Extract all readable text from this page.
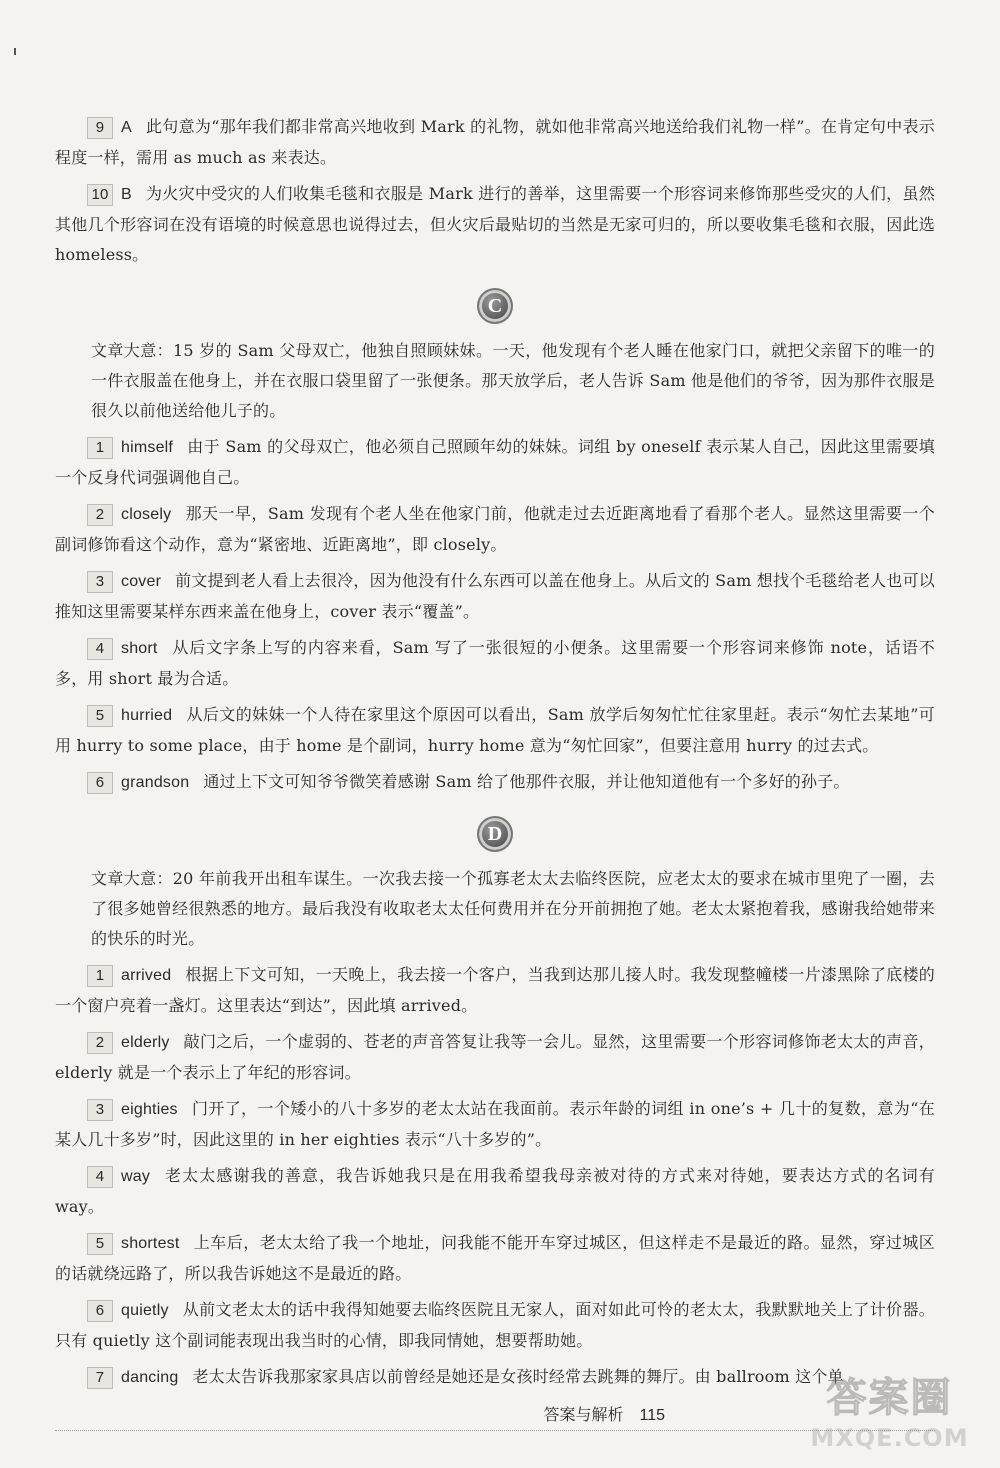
9 A 此句意为“那年我们都非常高兴地收到 Mark 的礼物，就如他非常高兴地送给我们礼物一样”。在肯定句中表示程度一样，需用 as much as 来表达。

10 B 为火灾中受灾的人们收集毛毯和衣服是 Mark 进行的善举，这里需要一个形容词来修饰那些受灾的人们，虽然其他几个形容词在没有语境的时候意思也说得过去，但火灾后最贴切的当然是无家可归的，所以要收集毛毯和衣服，因此选 homeless。

C

文章大意：15 岁的 Sam 父母双亡，他独自照顾妹妹。一天，他发现有个老人睡在他家门口，就把父亲留下的唯一的一件衣服盖在他身上，并在衣服口袋里留了一张便条。那天放学后，老人告诉 Sam 他是他们的爷爷，因为那件衣服是很久以前他送给他儿子的。

1 himself 由于 Sam 的父母双亡，他必须自己照顾年幼的妹妹。词组 by oneself 表示某人自己，因此这里需要填一个反身代词强调他自己。

2 closely 那天一早，Sam 发现有个老人坐在他家门前，他就走过去近距离地看了看那个老人。显然这里需要一个副词修饰看这个动作，意为“紧密地、近距离地”，即 closely。

3 cover 前文提到老人看上去很冷，因为他没有什么东西可以盖在他身上。从后文的 Sam 想找个毛毯给老人也可以推知这里需要某样东西来盖在他身上，cover 表示“覆盖”。

4 short 从后文字条上写的内容来看，Sam 写了一张很短的小便条。这里需要一个形容词来修饰 note，话语不多，用 short 最为合适。

5 hurried 从后文的妹妹一个人待在家里这个原因可以看出，Sam 放学后匆匆忙忙往家里赶。表示“匆忙去某地”可用 hurry to some place，由于 home 是个副词，hurry home 意为“匆忙回家”，但要注意用 hurry 的过去式。

6 grandson 通过上下文可知爷爷微笑着感谢 Sam 给了他那件衣服，并让他知道他有一个多好的孙子。

D

文章大意：20 年前我开出租车谋生。一次我去接一个孤寡老太太去临终医院，应老太太的要求在城市里兜了一圈，去了很多她曾经很熟悉的地方。最后我没有收取老太太任何费用并在分开前拥抱了她。老太太紧抱着我，感谢我给她带来的快乐的时光。

1 arrived 根据上下文可知，一天晚上，我去接一个客户，当我到达那儿接人时。我发现整幢楼一片漆黑除了底楼的一个窗户亮着一盏灯。这里表达“到达”，因此填 arrived。

2 elderly 敲门之后，一个虚弱的、苍老的声音答复让我等一会儿。显然，这里需要一个形容词修饰老太太的声音，elderly 就是一个表示上了年纪的形容词。

3 eighties 门开了，一个矮小的八十多岁的老太太站在我面前。表示年龄的词组 in one’s + 几十的复数，意为“在某人几十多岁”时，因此这里的 in her eighties 表示“八十多岁的”。

4 way 老太太感谢我的善意，我告诉她我只是在用我希望我母亲被对待的方式来对待她，要表达方式的名词有 way。

5 shortest 上车后，老太太给了我一个地址，问我能不能开车穿过城区，但这样走不是最近的路。显然，穿过城区的话就绕远路了，所以我告诉她这不是最近的路。

6 quietly 从前文老太太的话中我得知她要去临终医院且无家人，面对如此可怜的老太太，我默默地关上了计价器。只有 quietly 这个副词能表现出我当时的心情，即我同情她，想要帮助她。

7 dancing 老太太告诉我那家家具店以前曾经是她还是女孩时经常去跳舞的舞厅。由 ballroom 这个单

答案与解析 115	答案圈
MXQE.COM
